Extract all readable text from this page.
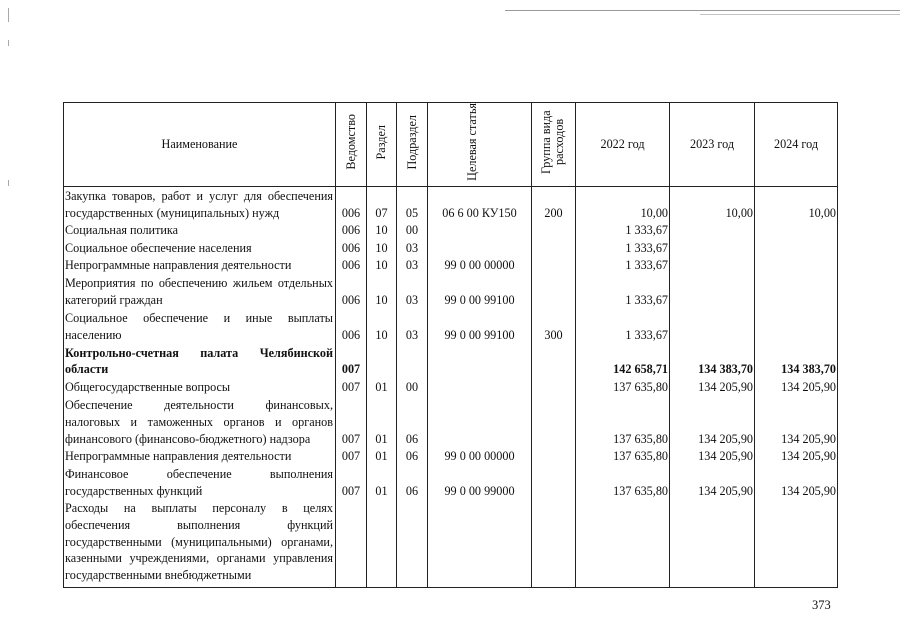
Наименование	Ведомство	Раздел	Подраздел	Целевая статья	Группа вида расходов	2022 год	2023 год	2024 год
Закупка товаров, работ и услуг для обеспечения государственных (муниципальных) нужд	006	07	05	06 6 00 КУ150	200	10,00	10,00	10,00
Социальная политика	006	10	00			1 333,67		
Социальное обеспечение населения	006	10	03			1 333,67		
Непрограммные направления деятельности	006	10	03	99 0 00 00000		1 333,67		
Мероприятия по обеспечению жильем отдельных категорий граждан	006	10	03	99 0 00 99100		1 333,67		
Социальное обеспечение и иные выплаты населению	006	10	03	99 0 00 99100	300	1 333,67		
Контрольно-счетная палата Челябинской области	007					142 658,71	134 383,70	134 383,70
Общегосударственные вопросы	007	01	00			137 635,80	134 205,90	134 205,90
Обеспечение деятельности финансовых, налоговых и таможенных органов и органов финансового (финансово-бюджетного) надзора	007	01	06			137 635,80	134 205,90	134 205,90
Непрограммные направления деятельности	007	01	06	99 0 00 00000		137 635,80	134 205,90	134 205,90
Финансовое обеспечение выполнения государственных функций	007	01	06	99 0 00 99000		137 635,80	134 205,90	134 205,90
Расходы на выплаты персоналу в целях обеспечения выполнения функций государственными (муниципальными) органами, казенными учреждениями, органами управления государственными внебюджетными								
373
